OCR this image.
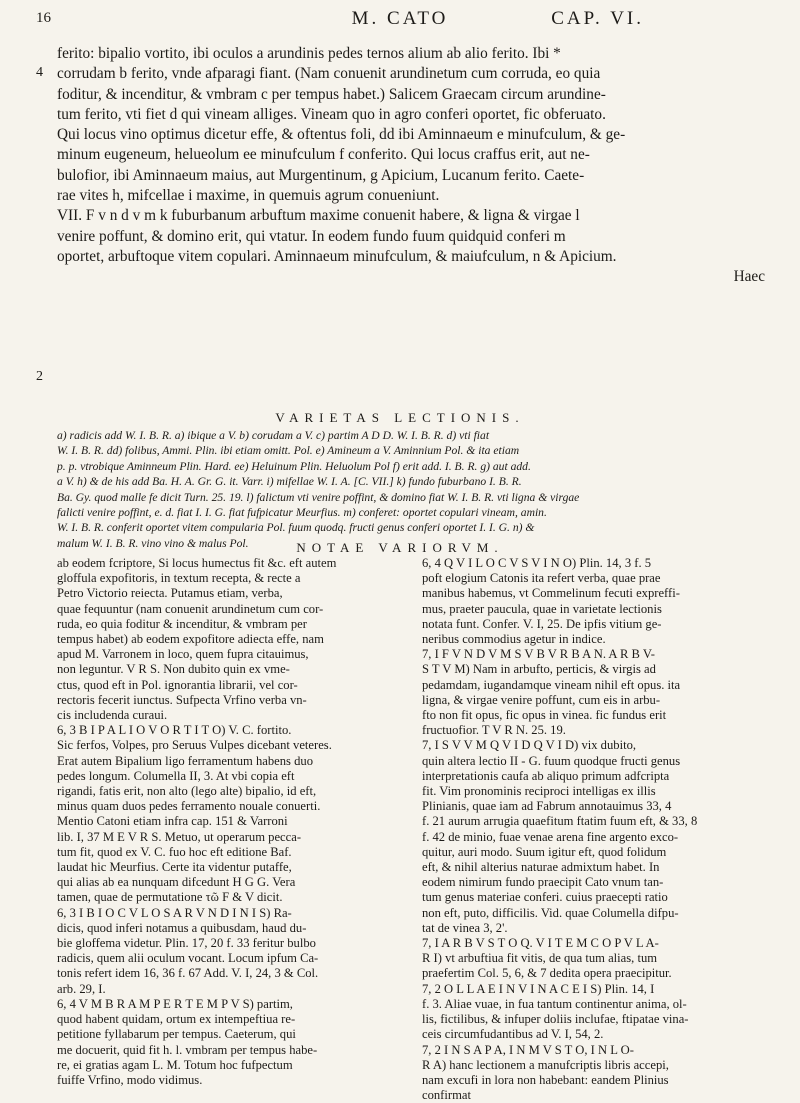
16	M. CATO	CAP. VI.
4
2
ferito: bipalio vortito, ibi oculos a arundinis pedes ternos alium ab alio ferito. Ibi *
corrudam b ferito, vnde afparagi fiant. (Nam conuenit arundinetum cum corruda, eo quia
foditur, & incenditur, & vmbram c per tempus habet.) Salicem Graecam circum arundine-
tum ferito, vti fiet d qui vineam alliges. Vineam quo in agro conferi oportet, fic obferuato.
Qui locus vino optimus dicetur effe, & oftentus foli, dd ibi Aminnaeum e minufculum, & ge-
minum eugeneum, helueolum ee minufculum f conferito. Qui locus craffus erit, aut ne-
bulofior, ibi Aminnaeum maius, aut Murgentinum, g Apicium, Lucanum ferito. Caete-
rae vites h, mifcellae i maxime, in quemuis agrum conueniunt.
VII. F v n d v m k fuburbanum arbuftum maxime conuenit habere, & ligna & virgae l
venire poffunt, & domino erit, qui vtatur. In eodem fundo fuum quidquid conferi m
oportet, arbuftoque vitem copulari. Aminnaeum minufculum, & maiufculum, n & Apicium.
Haec
VARIETAS LECTIONIS.
a) radicis add W. I. B. R. a) ibique a V. b) corudam a V. c) partim A D D. W. I. B. R. d) vti fiat
W. I. B. R. dd) folibus, Ammi. Plin. ibi etiam omitt. Pol. e) Amineum a V. Aminnium Pol. & ita etiam
p. p. vtrobique Aminneum Plin. Hard. ee) Heluinum Plin. Heluolum Pol f) erit add. I. B. R. g) aut add.
a V. h) & de his add Ba. H. A. Gr. G. it. Varr. i) mifellae W. I. A. [C. VII.] k) fundo fuburbano I. B. R.
Ba. Gy. quod malle fe dicit Turn. 25. 19. l) falictum vti venire poffint, & domino fiat W. I. B. R. vti ligna & virgae
falicti venire poffint, e. d. fiat I. I. G. fiat fufpicatur Meurfius. m) conferet: oportet copulari vineam, amin.
W. I. B. R. conferit oportet vitem compularia Pol. fuum quodq. fructi genus conferi oportet I. I. G. n) &
malum W. I. B. R. vino vino & malus Pol.	NOTAE VARIORVM.
ab eodem fcriptore, Si locus humectus fit &c. eft autem
gloffula expofitoris, in textum recepta, & recte a
Petro Victorio reiecta. Putamus etiam, verba,
quae fequuntur (nam conuenit arundinetum cum cor-
ruda, eo quia foditur & incenditur, & vmbram per
tempus habet) ab eodem expofitore adiecta effe, nam
apud M. Varronem in loco, quem fupra citauimus,
non leguntur. V R S. Non dubito quin ex vme-
ctus, quod eft in Pol. ignorantia librarii, vel cor-
rectoris fecerit iunctus. Sufpecta Vrfino verba vn-
cis includenda curaui.
6, 3 B I P A L I O V O R T I T O) V. C. fortito.
Sic ferfos, Volpes, pro Seruus Vulpes dicebant veteres.
Erat autem Bipalium ligo ferramentum habens duo
pedes longum. Columella II, 3. At vbi copia eft
rigandi, fatis erit, non alto (lego alte) bipalio, id eft,
minus quam duos pedes ferramento nouale conuerti.
Mentio Catoni etiam infra cap. 151 & Varroni
lib. I, 37 M E V R S. Metuo, ut operarum pecca-
tum fit, quod ex V. C. fuo hoc eft editione Baf.
laudat hic Meurfius. Certe ita videntur putaffe,
qui alias ab ea nunquam difcedunt H G G. Vera
tamen, quae de permutatione τῶ F & V dicit.
6, 3 I B I O C V L O S A R V N D I N I S) Ra-
dicis, quod inferi notamus a quibusdam, haud du-
bie gloffema videtur. Plin. 17, 20 f. 33 feritur bulbo
radicis, quem alii oculum vocant. Locum ipfum Ca-
tonis refert idem 16, 36 f. 67 Add. V. I, 24, 3 & Col.
arb. 29, I.
6, 4 V M B R A M P E R T E M P V S) partim,
quod habent quidam, ortum ex intempeftiua re-
petitione fyllabarum per tempus. Caeterum, qui
me docuerit, quid fit h. l. vmbram per tempus habe-
re, ei gratias agam L. M. Totum hoc fufpectum
fuiffe Vrfino, modo vidimus.
6, 4 Q V I L O C V S V I N O) Plin. 14, 3 f. 5
poft elogium Catonis ita refert verba, quae prae
manibus habemus, vt Commelinum fecuti expreffi-
mus, praeter paucula, quae in varietate lectionis
notata funt. Confer. V. I, 25. De ipfis vitium ge-
neribus commodius agetur in indice.
7, I F V N D V M S V B V R B A N. A R B V-
S T V M) Nam in arbufto, perticis, & virgis ad
pedamdam, iugandamque vineam nihil eft opus. ita
ligna, & virgae venire poffunt, cum eis in arbu-
fto non fit opus, fic opus in vinea. fic fundus erit
fructuofior. T V R N. 25. 19.
7, I S V V M Q V I D Q V I D) vix dubito,
quin altera lectio II - G. fuum quodque fructi genus
interpretationis caufa ab aliquo primum adfcripta
fit. Vim pronominis reciproci intelligas ex illis
Plinianis, quae iam ad Fabrum annotauimus 33, 4
f. 21 aurum arrugia quaefitum ftatim fuum eft, & 33, 8
f. 42 de minio, fuae venae arena fine argento exco-
quitur, auri modo. Suum igitur eft, quod folidum
eft, & nihil alterius naturae admixtum habet. In
eodem nimirum fundo praecipit Cato vnum tan-
tum genus materiae conferi. cuius praecepti ratio
non eft, puto, difficilis. Vid. quae Columella difpu-
tat de vinea 3, 2'.
7, I A R B V S T O Q. V I T E M C O P V L A-
R I) vt arbuftiua fit vitis, de qua tum alias, tum
praefertim Col. 5, 6, & 7 dedita opera praecipitur.
7, 2 O L L A E I N V I N A C E I S) Plin. 14, I
f. 3. Aliae vuae, in fua tantum continentur anima, ol-
lis, fictilibus, & infuper doliis inclufae, ftipatae vina-
ceis circumfudantibus ad V. I, 54, 2.
7, 2 I N S A P A, I N M V S T O, I N L O-
R A) hanc lectionem a manufcriptis libris accepi,
nam excufi in lora non habebant: eandem Plinius
confirmat
